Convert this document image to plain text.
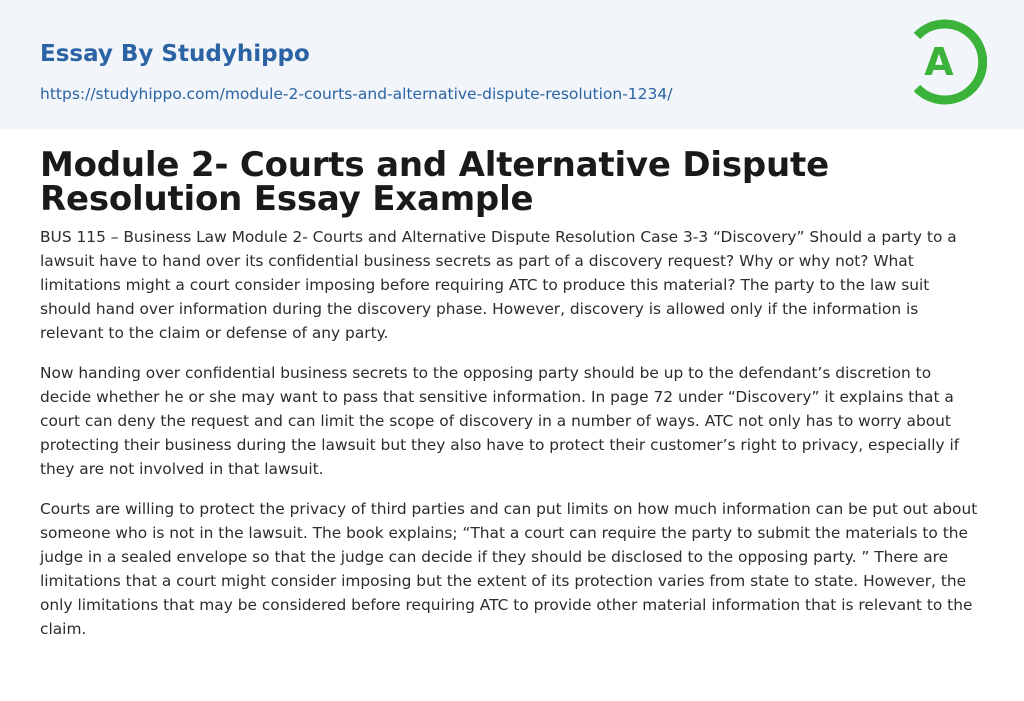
Essay By Studyhippo
https://studyhippo.com/module-2-courts-and-alternative-dispute-resolution-1234/
A
Module 2- Courts and Alternative Dispute Resolution Essay Example

BUS 115 – Business Law Module 2- Courts and Alternative Dispute Resolution Case 3-3 “Discovery” Should a party to a lawsuit have to hand over its confidential business secrets as part of a discovery request? Why or why not? What limitations might a court consider imposing before requiring ATC to produce this material? The party to the law suit should hand over information during the discovery phase. However, discovery is allowed only if the information is relevant to the claim or defense of any party.

Now handing over confidential business secrets to the opposing party should be up to the defendant’s discretion to decide whether he or she may want to pass that sensitive information. In page 72 under “Discovery” it explains that a court can deny the request and can limit the scope of discovery in a number of ways. ATC not only has to worry about protecting their business during the lawsuit but they also have to protect their customer’s right to privacy, especially if they are not involved in that lawsuit.

Courts are willing to protect the privacy of third parties and can put limits on how much information can be put out about someone who is not in the lawsuit. The book explains; “That a court can require the party to submit the materials to the judge in a sealed envelope so that the judge can decide if they should be disclosed to the opposing party. ” There are limitations that a court might consider imposing but the extent of its protection varies from state to state. However, the only limitations that may be considered before requiring ATC to provide other material information that is relevant to the claim.
